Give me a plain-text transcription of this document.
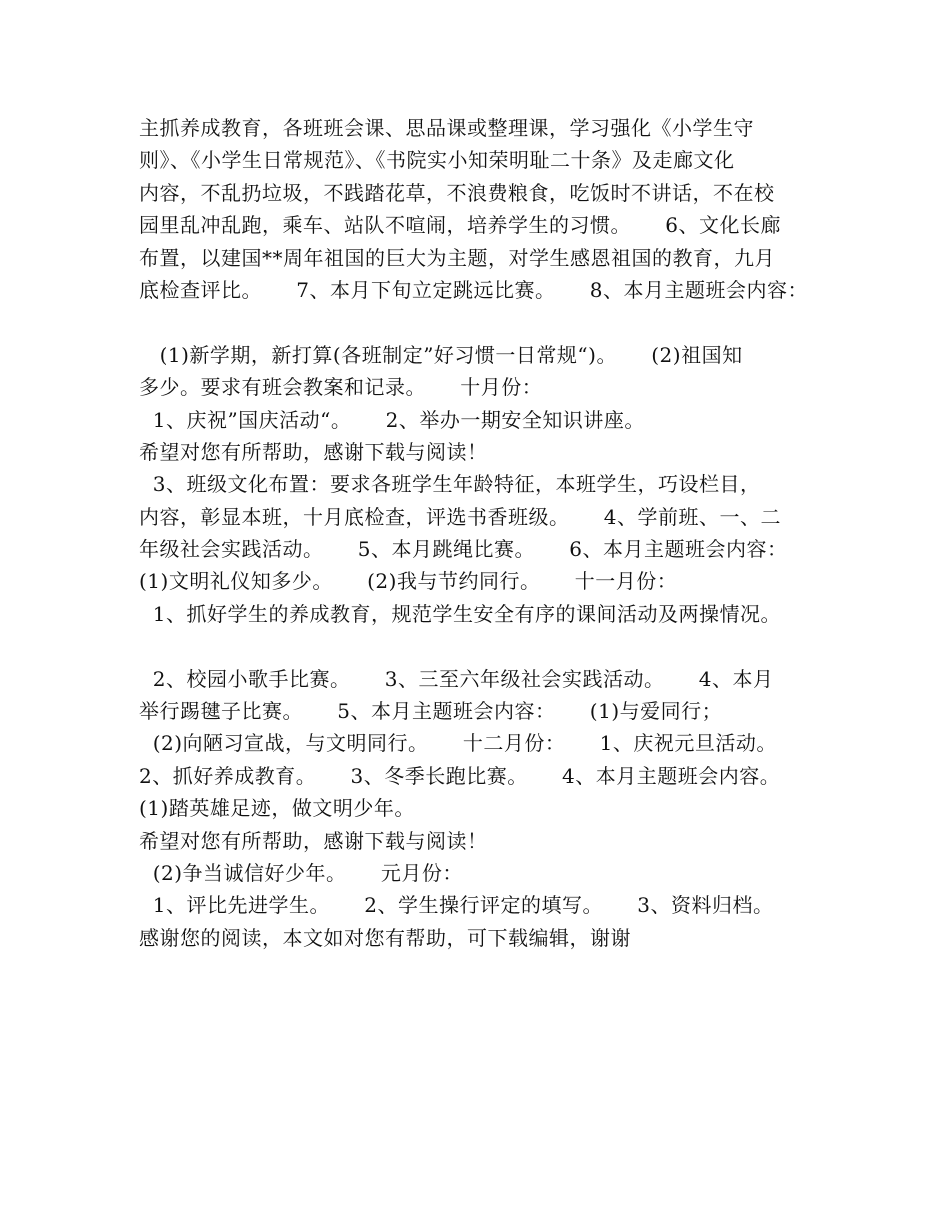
主抓养成教育，各班班会课、思品课或整理课，学习强化《小学生守
则》、《小学生日常规范》、《书院实小知荣明耻二十条》及走廊文化
内容，不乱扔垃圾，不践踏花草，不浪费粮食，吃饭时不讲话，不在校
园里乱冲乱跑，乘车、站队不喧闹，培养学生的习惯。     6、文化长廊
布置，以建国**周年祖国的巨大为主题，对学生感恩祖国的教育，九月
底检查评比。     7、本月下旬立定跳远比赛。     8、本月主题班会内容：
(1)新学期，新打算(各班制定”好习惯一日常规“)。     (2)祖国知
多少。要求有班会教案和记录。     十月份：
1、庆祝”国庆活动“。     2、举办一期安全知识讲座。
希望对您有所帮助，感谢下载与阅读！
3、班级文化布置：要求各班学生年龄特征，本班学生，巧设栏目，
内容，彰显本班，十月底检查，评选书香班级。     4、学前班、一、二
年级社会实践活动。     5、本月跳绳比赛。     6、本月主题班会内容：
(1)文明礼仪知多少。     (2)我与节约同行。     十一月份：
1、抓好学生的养成教育，规范学生安全有序的课间活动及两操情况。
2、校园小歌手比赛。     3、三至六年级社会实践活动。     4、本月
举行踢毽子比赛。     5、本月主题班会内容：     (1)与爱同行；
(2)向陋习宣战，与文明同行。     十二月份：     1、庆祝元旦活动。
2、抓好养成教育。     3、冬季长跑比赛。     4、本月主题班会内容。
(1)踏英雄足迹，做文明少年。
希望对您有所帮助，感谢下载与阅读！
(2)争当诚信好少年。     元月份：
1、评比先进学生。     2、学生操行评定的填写。     3、资料归档。
感谢您的阅读，本文如对您有帮助，可下载编辑，谢谢
